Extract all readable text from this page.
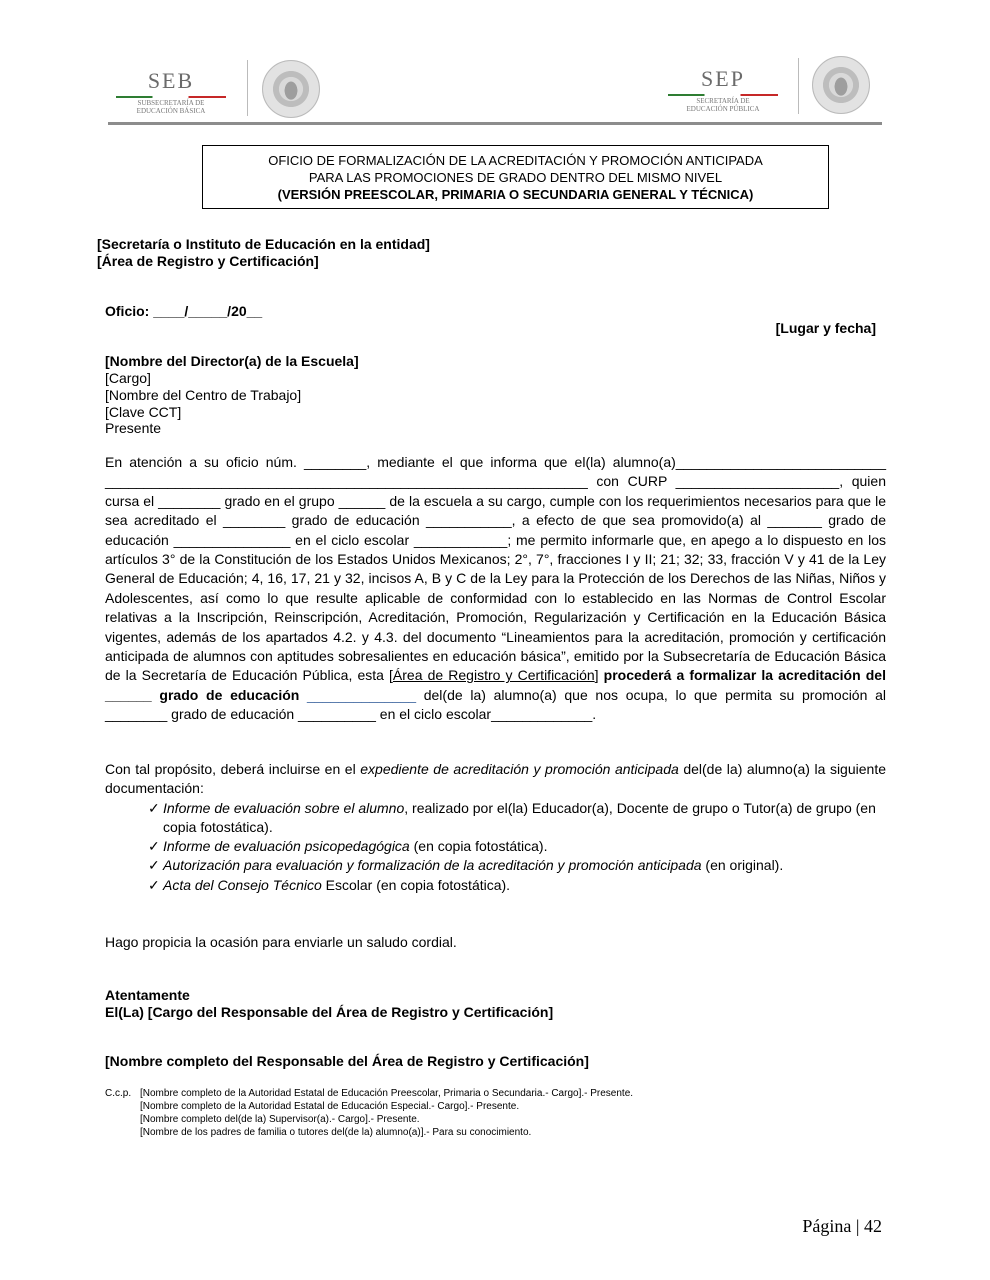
SEB
SUBSECRETARÍA DE
EDUCACIÓN BÁSICA
SEP
SECRETARÍA DE
EDUCACIÓN PÚBLICA
OFICIO DE FORMALIZACIÓN DE LA ACREDITACIÓN Y PROMOCIÓN ANTICIPADA
PARA LAS PROMOCIONES DE GRADO DENTRO DEL MISMO NIVEL
(VERSIÓN PREESCOLAR, PRIMARIA O SECUNDARIA GENERAL Y TÉCNICA)
[Secretaría o Instituto de Educación en la entidad]
[Área de Registro y Certificación]
Oficio: ____/_____/20__
[Lugar y fecha]
[Nombre del Director(a) de la Escuela]
[Cargo]
[Nombre del Centro de Trabajo]
[Clave CCT]
Presente
En atención a su oficio núm. ________, mediante el que informa que el(la) alumno(a)___________________________ ______________________________________________________________ con CURP _____________________, quien cursa el ________ grado en el grupo ______ de la escuela a su cargo, cumple con los requerimientos necesarios para que le sea acreditado el ________ grado de educación ___________, a efecto de que sea promovido(a) al _______ grado de educación _______________ en el ciclo escolar ____________; me permito informarle que, en apego a lo dispuesto en los artículos 3° de la Constitución de los Estados Unidos Mexicanos; 2°, 7°, fracciones I y II; 21; 32; 33, fracción V y 41 de la Ley General de Educación; 4, 16, 17, 21 y 32, incisos A, B y C de la Ley para la Protección de los Derechos de las Niñas, Niños y Adolescentes, así como lo que resulte aplicable de conformidad con lo establecido en las Normas de Control Escolar relativas a la Inscripción, Reinscripción, Acreditación, Promoción, Regularización y Certificación en la Educación Básica vigentes, además de los apartados 4.2. y 4.3. del documento “Lineamientos para la acreditación, promoción y certificación anticipada de alumnos con aptitudes sobresalientes en educación básica”, emitido por la Subsecretaría de Educación Básica de la Secretaría de Educación Pública, esta [Área de Registro y Certificación] procederá a formalizar la acreditación del ______ grado de educación ______________ del(de la) alumno(a) que nos ocupa, lo que permita su promoción al ________ grado de educación __________ en el ciclo escolar_____________.
Con tal propósito, deberá incluirse en el expediente de acreditación y promoción anticipada del(de la) alumno(a) la siguiente documentación:
✓ Informe de evaluación sobre el alumno, realizado por el(la) Educador(a), Docente de grupo o Tutor(a) de grupo (en copia fotostática).
✓ Informe de evaluación psicopedagógica (en copia fotostática).
✓ Autorización para evaluación y formalización de la acreditación y promoción anticipada (en original).
✓ Acta del Consejo Técnico Escolar (en copia fotostática).
Hago propicia la ocasión para enviarle un saludo cordial.
Atentamente
El(La) [Cargo del Responsable del Área de Registro y Certificación]
[Nombre completo del Responsable del Área de Registro y Certificación]
C.c.p. [Nombre completo de la Autoridad Estatal de Educación Preescolar, Primaria o Secundaria.- Cargo].- Presente.
[Nombre completo de la Autoridad Estatal de Educación Especial.- Cargo].- Presente.
[Nombre completo del(de la) Supervisor(a).- Cargo].- Presente.
[Nombre de los padres de familia o tutores del(de la) alumno(a)].- Para su conocimiento.
Página | 42
